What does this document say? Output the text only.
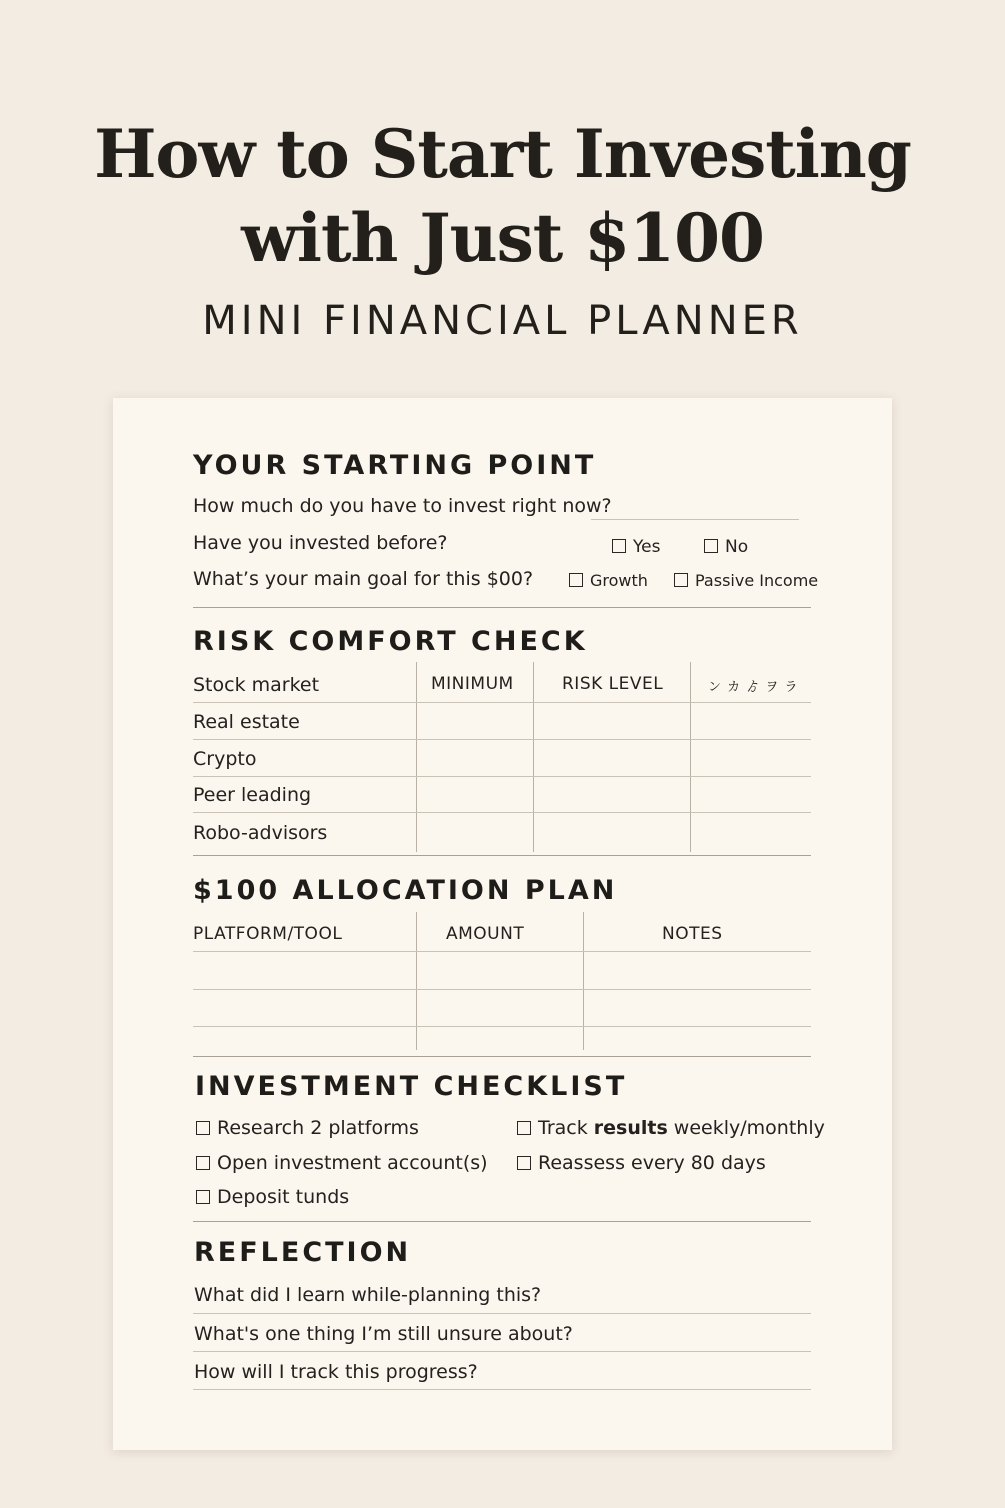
How to Start Investing
with Just $100
MINI FINANCIAL PLANNER
YOUR STARTING POINT
How much do you have to invest right now?
Have you invested before?	Yes	No
What’s your main goal for this $00?	Growth	Passive Income
RISK COMFORT CHECK
Stock market	MINIMUM	RISK LEVEL	ン カ ゟ ヲ ラ
Real estate
Crypto
Peer leading
Robo-advisors
$100 ALLOCATION PLAN
PLATFORM/TOOL	AMOUNT	NOTES
INVESTMENT CHECKLIST
Research 2 platforms
Open investment account(s)
Deposit tunds
Track results weekly/monthly
Reassess every 80 days
REFLECTION
What did I learn while-planning this?
What's one thing I’m still unsure about?
How will I track this progress?
